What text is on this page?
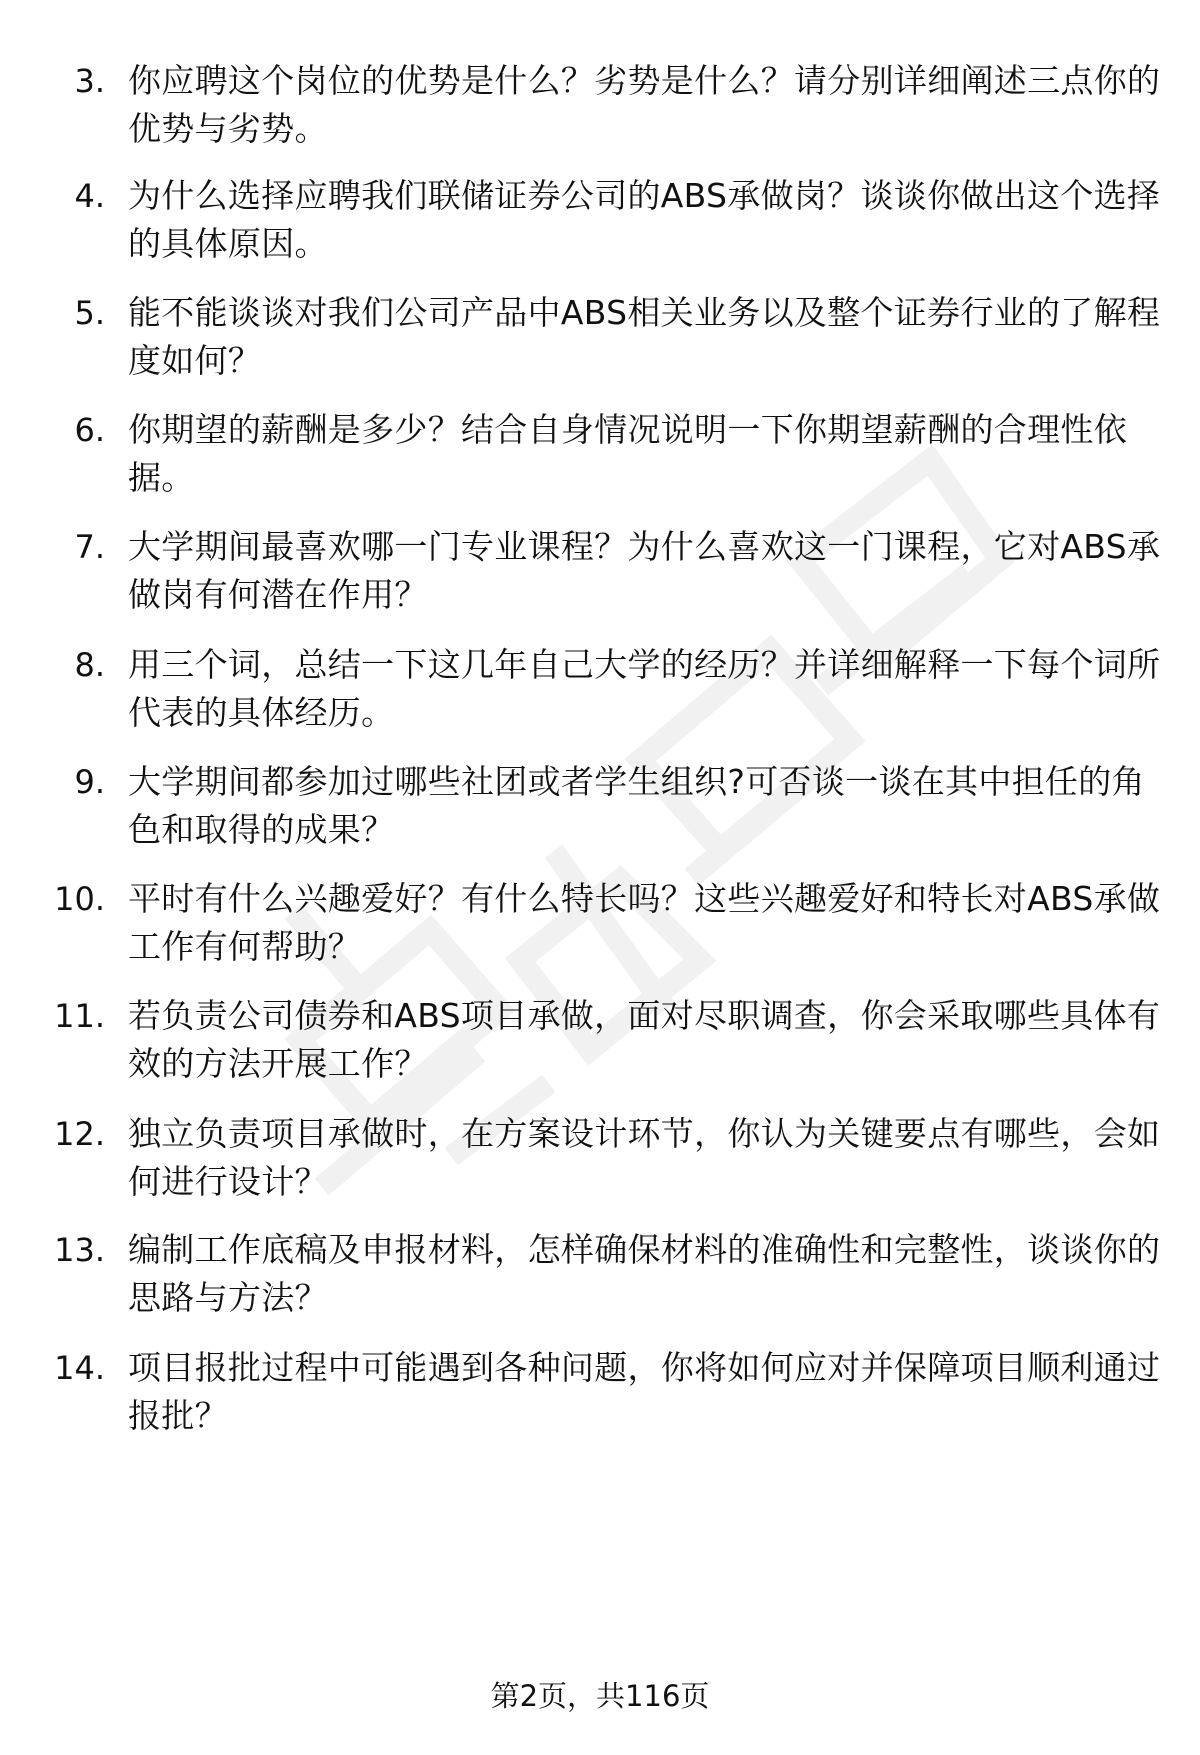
3. 你应聘这个岗位的优势是什么？劣势是什么？请分别详细阐述三点你的优势与劣势。
4. 为什么选择应聘我们联储证券公司的ABS承做岗？谈谈你做出这个选择的具体原因。
5. 能不能谈谈对我们公司产品中ABS相关业务以及整个证券行业的了解程度如何？
6. 你期望的薪酬是多少？结合自身情况说明一下你期望薪酬的合理性依据。
7. 大学期间最喜欢哪一门专业课程？为什么喜欢这一门课程，它对ABS承做岗有何潜在作用？
8. 用三个词，总结一下这几年自己大学的经历？并详细解释一下每个词所代表的具体经历。
9. 大学期间都参加过哪些社团或者学生组织?可否谈一谈在其中担任的角色和取得的成果？
10. 平时有什么兴趣爱好？有什么特长吗？这些兴趣爱好和特长对ABS承做工作有何帮助？
11. 若负责公司债券和ABS项目承做，面对尽职调查，你会采取哪些具体有效的方法开展工作？
12. 独立负责项目承做时，在方案设计环节，你认为关键要点有哪些，会如何进行设计？
13. 编制工作底稿及申报材料，怎样确保材料的准确性和完整性，谈谈你的思路与方法？
14. 项目报批过程中可能遇到各种问题，你将如何应对并保障项目顺利通过报批？
第2页，共116页
